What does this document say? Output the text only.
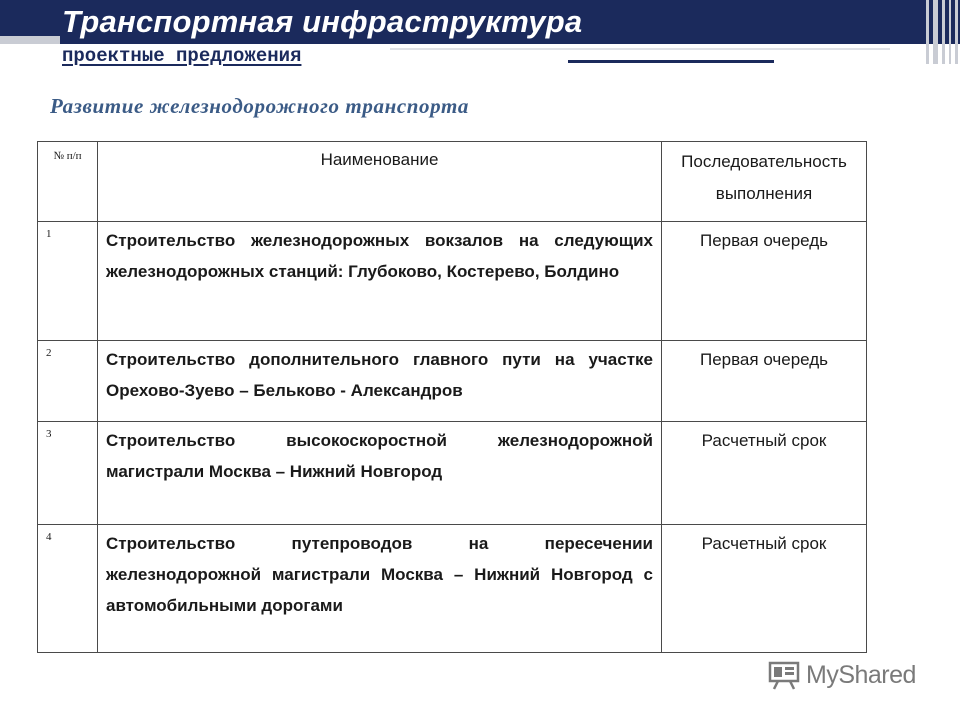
Транспортная инфраструктура
проектные предложения
Развитие железнодорожного транспорта
№ п/п	Наименование	Последовательность выполнения
1	Строительство железнодорожных вокзалов на следующих железнодорожных станций: Глубоково, Костерево, Болдино	Первая очередь
2	Строительство дополнительного главного пути на участке Орехово-Зуево – Бельково - Александров	Первая очередь
3	Строительство высокоскоростной железнодорожной магистрали Москва – Нижний Новгород	Расчетный срок
4	Строительство путепроводов на пересечении железнодорожной магистрали Москва – Нижний Новгород с автомобильными дорогами	Расчетный срок
MyShared
